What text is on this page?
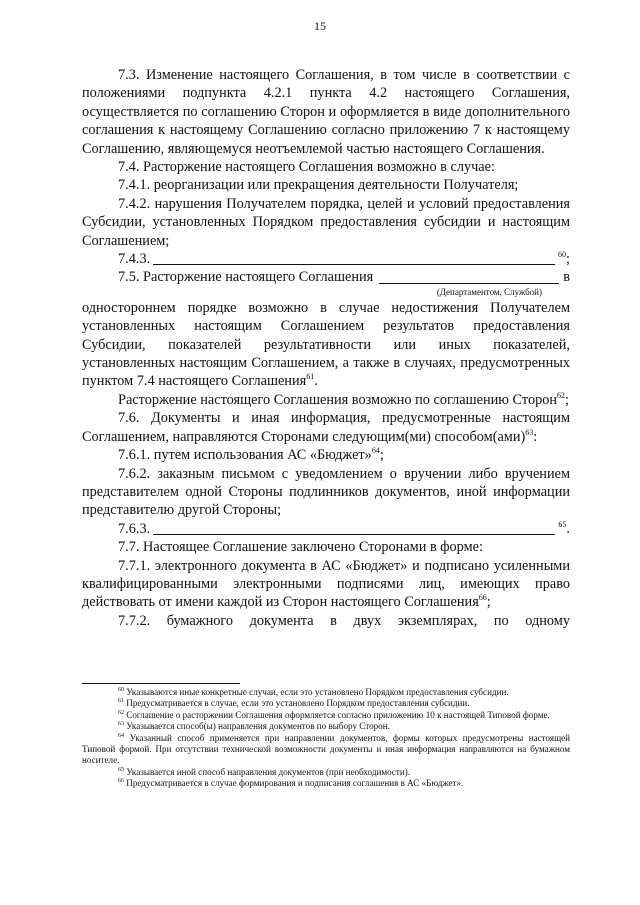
15

7.3. Изменение настоящего Соглашения, в том числе в соответствии с положениями подпункта 4.2.1 пункта 4.2 настоящего Соглашения, осуществляется по соглашению Сторон и оформляется в виде дополнительного соглашения к настоящему Соглашению согласно приложению 7 к настоящему Соглашению, являющемуся неотъемлемой частью настоящего Соглашения.

7.4. Расторжение настоящего Соглашения возможно в случае:

7.4.1. реорганизации или прекращения деятельности Получателя;

7.4.2. нарушения Получателем порядка, целей и условий предоставления Субсидии, установленных Порядком предоставления субсидии и настоящим Соглашением;

7.4.3.	$^{60}$;
7.5. Расторжение настоящего Соглашения	в
(Департаментом, Службой)

одностороннем порядке возможно в случае недостижения Получателем установленных настоящим Соглашением результатов предоставления Субсидии, показателей результативности или иных показателей, установленных настоящим Соглашением, а также в случаях, предусмотренных пунктом 7.4 настоящего Соглашения$^{61}$.

Расторжение настоящего Соглашения возможно по соглашению Сторон$^{62}$;

7.6. Документы и иная информация, предусмотренные настоящим Соглашением, направляются Сторонами следующим(ми) способом(ами)$^{63}$:

7.6.1. путем использования АС «Бюджет»$^{64}$;

7.6.2. заказным письмом с уведомлением о вручении либо вручением представителем одной Стороны подлинников документов, иной информации представителю другой Стороны;

7.6.3.	$^{65}$.

7.7. Настоящее Соглашение заключено Сторонами в форме:

7.7.1. электронного документа в АС «Бюджет» и подписано усиленными квалифицированными электронными подписями лиц, имеющих право действовать от имени каждой из Сторон настоящего Соглашения$^{66}$;

7.7.2. бумажного документа в двух экземплярах, по одному

$^{60}$ Указываются иные конкретные случаи, если это установлено Порядком предоставления субсидии.

$^{61}$ Предусматривается в случае, если это установлено Порядком предоставления субсидии.

$^{62}$ Соглашение о расторжении Соглашения оформляется согласно приложению 10 к настоящей Типовой форме.

$^{63}$ Указывается способ(ы) направления документов по выбору Сторон.

$^{64}$ Указанный способ применяется при направлении документов, формы которых предусмотрены настоящей Типовой формой. При отсутствии технической возможности документы и иная информация направляются на бумажном носителе.

$^{65}$ Указывается иной способ направления документов (при необходимости).

$^{66}$ Предусматривается в случае формирования и подписания соглашения в АС «Бюджет».
